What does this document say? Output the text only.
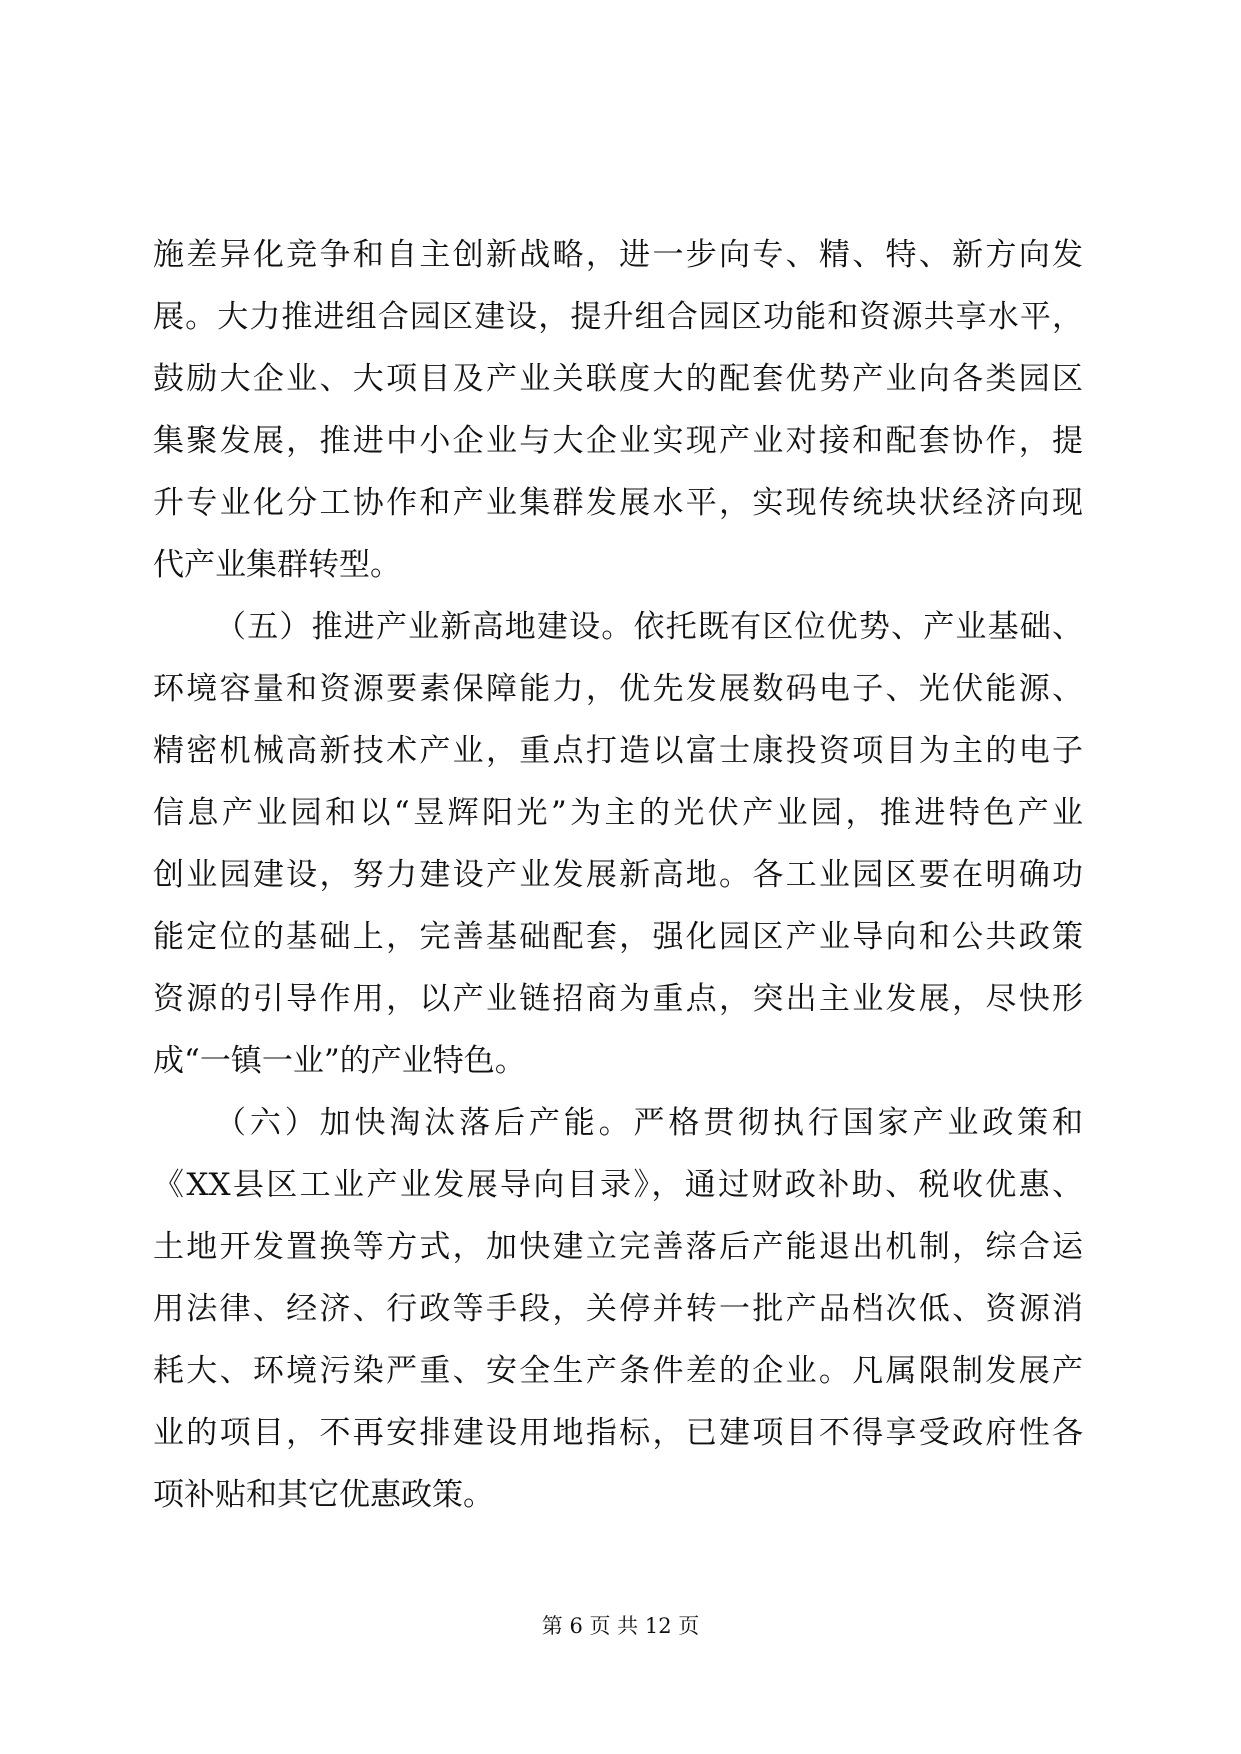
施差异化竞争和自主创新战略，进一步向专、精、特、新方向发
展。大力推进组合园区建设，提升组合园区功能和资源共享水平，
鼓励大企业、大项目及产业关联度大的配套优势产业向各类园区
集聚发展，推进中小企业与大企业实现产业对接和配套协作，提
升专业化分工协作和产业集群发展水平，实现传统块状经济向现
代产业集群转型。
（五）推进产业新高地建设。依托既有区位优势、产业基础、
环境容量和资源要素保障能力，优先发展数码电子、光伏能源、
精密机械高新技术产业，重点打造以富士康投资项目为主的电子
信息产业园和以“昱辉阳光”为主的光伏产业园，推进特色产业
创业园建设，努力建设产业发展新高地。各工业园区要在明确功
能定位的基础上，完善基础配套，强化园区产业导向和公共政策
资源的引导作用，以产业链招商为重点，突出主业发展，尽快形
成“一镇一业”的产业特色。
（六）加快淘汰落后产能。严格贯彻执行国家产业政策和
《XX县区工业产业发展导向目录》，通过财政补助、税收优惠、
土地开发置换等方式，加快建立完善落后产能退出机制，综合运
用法律、经济、行政等手段，关停并转一批产品档次低、资源消
耗大、环境污染严重、安全生产条件差的企业。凡属限制发展产
业的项目，不再安排建设用地指标，已建项目不得享受政府性各
项补贴和其它优惠政策。
第 6 页 共 12 页
